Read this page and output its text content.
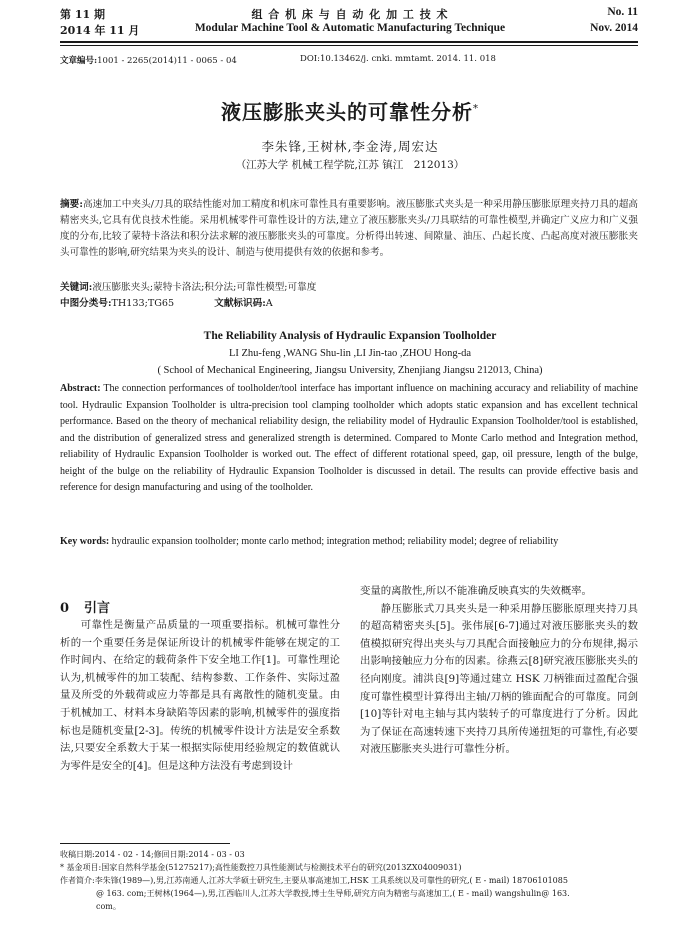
第 11 期
2014 年 11 月
组 合 机 床 与 自 动 化 加 工 技 术
Modular Machine Tool & Automatic Manufacturing Technique
No. 11
Nov. 2014
文章编号:1001 - 2265(2014)11 - 0065 - 04	DOI:10.13462/j. cnki. mmtamt. 2014. 11. 018
液压膨胀夹头的可靠性分析*
李朱锋,王树林,李金涛,周宏达
（江苏大学 机械工程学院,江苏 镇江　212013）
摘要:高速加工中夹头/刀具的联结性能对加工精度和机床可靠性具有重要影响。液压膨胀式夹头是一种采用静压膨胀原理夹持刀具的超高精密夹头,它具有优良技术性能。采用机械零件可靠性设计的方法,建立了液压膨胀夹头/刀具联结的可靠性模型,并确定广义应力和广义强度的分布,比较了蒙特卡洛法和积分法求解的液压膨胀夹头的可靠度。分析得出转速、间隙量、油压、凸起长度、凸起高度对液压膨胀夹头可靠性的影响,研究结果为夹头的设计、制造与使用提供有效的依据和参考。
关键词:液压膨胀夹头;蒙特卡洛法;积分法;可靠性模型;可靠度
中图分类号:TH133;TG65	文献标识码:A
The Reliability Analysis of Hydraulic Expansion Toolholder
LI Zhu-feng ,WANG Shu-lin ,LI Jin-tao ,ZHOU Hong-da
( School of Mechanical Engineering, Jiangsu University, Zhenjiang Jiangsu 212013, China)
Abstract: The connection performances of toolholder/tool interface has important influence on machining accuracy and reliability of machine tool. Hydraulic Expansion Toolholder is ultra-precision tool clamping toolholder which adopts static expansion and has excellent technical performance. Based on the theory of mechanical reliability design, the reliability model of Hydraulic Expansion Toolholder/tool is established, and the distribution of generalized stress and generalized strength is determined. Compared to Monte Carlo method and Integration method, reliability of Hydraulic Expansion Toolholder is worked out. The effect of different rotational speed, gap, oil pressure, length of the bulge, height of the bulge on the reliability of Hydraulic Expansion Toolholder is discussed in detail. The results can provide effective basis and reference for design manufacturing and using of the toolholder.
Key words: hydraulic expansion toolholder; monte carlo method; integration method; reliability model; degree of reliability
0 引言

可靠性是衡量产品质量的一项重要指标。机械可靠性分析的一个重要任务是保证所设计的机械零件能够在规定的工作时间内、在给定的载荷条件下安全地工作[1]。可靠性理论认为,机械零件的加工装配、结构参数、工作条件、实际过盈量及所受的外载荷或应力等都是具有离散性的随机变量。由于机械加工、材料本身缺陷等因素的影响,机械零件的强度指标也是随机变量[2-3]。传统的机械零件设计方法是安全系数法,只要安全系数大于某一根据实际使用经验规定的数值就认为零件是安全的[4]。但是这种方法没有考虑到设计

变量的离散性,所以不能准确反映真实的失效概率。

静压膨胀式刀具夹头是一种采用静压膨胀原理夹持刀具的超高精密夹头[5]。张伟展[6-7]通过对液压膨胀夹头的数值模拟研究得出夹头与刀具配合面接触应力的分布规律,揭示出影响接触应力分布的因素。徐燕云[8]研究液压膨胀夹头的径向刚度。浦洪良[9]等通过建立 HSK 刀柄锥面过盈配合强度可靠性模型计算得出主轴/刀柄的锥面配合的可靠度。同剑[10]等针对电主轴与其内装转子的可靠度进行了分析。因此为了保证在高速转速下夹持刀具所传递扭矩的可靠性,有必要对液压膨胀夹头进行可靠性分析。

收稿日期:2014 - 02 - 14;修回日期:2014 - 03 - 03
* 基金项目:国家自然科学基金(51275217);高性能数控刀具性能测试与检测技术平台的研究(2013ZX04009031)
作者简介:李朱锋(1989—),男,江苏南通人,江苏大学硕士研究生,主要从事高速加工,HSK 工具系统以及可靠性的研究,( E - mail) 18706101085
@ 163. com;王树林(1964—),男,江西临川人,江苏大学教授,博士生导师,研究方向为精密与高速加工,( E - mail) wangshulin@ 163.
com。
